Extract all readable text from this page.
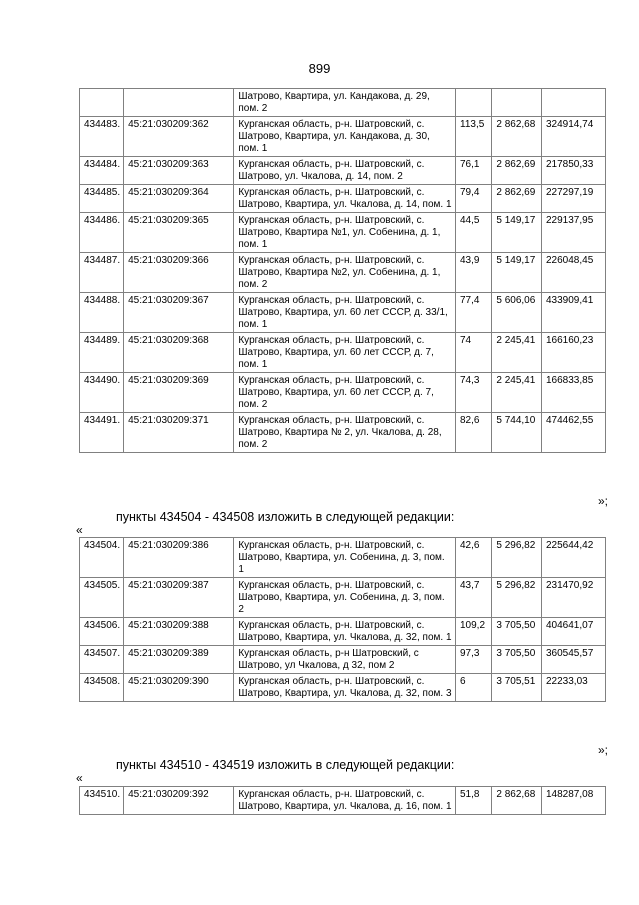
899
		Шатрово, Квартира, ул. Кандакова, д. 29, пом. 2			
434483.	45:21:030209:362	Курганская область, р-н. Шатровский, с. Шатрово, Квартира, ул. Кандакова, д. 30, пом. 1	113,5	2 862,68	324914,74
434484.	45:21:030209:363	Курганская область, р-н. Шатровский, с. Шатрово, ул. Чкалова, д. 14, пом. 2	76,1	2 862,69	217850,33
434485.	45:21:030209:364	Курганская область, р-н. Шатровский, с. Шатрово, Квартира, ул. Чкалова, д. 14, пом. 1	79,4	2 862,69	227297,19
434486.	45:21:030209:365	Курганская область, р-н. Шатровский, с. Шатрово, Квартира №1, ул. Собенина, д. 1, пом. 1	44,5	5 149,17	229137,95
434487.	45:21:030209:366	Курганская область, р-н. Шатровский, с. Шатрово, Квартира №2, ул. Собенина, д. 1, пом. 2	43,9	5 149,17	226048,45
434488.	45:21:030209:367	Курганская область, р-н. Шатровский, с. Шатрово, Квартира, ул. 60 лет СССР, д. 33/1, пом. 1	77,4	5 606,06	433909,41
434489.	45:21:030209:368	Курганская область, р-н. Шатровский, с. Шатрово, Квартира, ул. 60 лет СССР, д. 7, пом. 1	74	2 245,41	166160,23
434490.	45:21:030209:369	Курганская область, р-н. Шатровский, с. Шатрово, Квартира, ул. 60 лет СССР, д. 7, пом. 2	74,3	2 245,41	166833,85
434491.	45:21:030209:371	Курганская область, р-н. Шатровский, с. Шатрово, Квартира № 2, ул. Чкалова, д. 28, пом. 2	82,6	5 744,10	474462,55
»;
пункты 434504 - 434508 изложить в следующей редакции:
«
434504.	45:21:030209:386	Курганская область, р-н. Шатровский, с. Шатрово, Квартира, ул. Собенина, д. 3, пом. 1	42,6	5 296,82	225644,42
434505.	45:21:030209:387	Курганская область, р-н. Шатровский, с. Шатрово, Квартира, ул. Собенина, д. 3, пом. 2	43,7	5 296,82	231470,92
434506.	45:21:030209:388	Курганская область, р-н. Шатровский, с. Шатрово, Квартира, ул. Чкалова, д. 32, пом. 1	109,2	3 705,50	404641,07
434507.	45:21:030209:389	Курганская область, р-н Шатровский, с Шатрово, ул Чкалова, д 32, пом 2	97,3	3 705,50	360545,57
434508.	45:21:030209:390	Курганская область, р-н. Шатровский, с. Шатрово, Квартира, ул. Чкалова, д. 32, пом. 3	6	3 705,51	22233,03
»;
пункты 434510 - 434519 изложить в следующей редакции:
«
434510.	45:21:030209:392	Курганская область, р-н. Шатровский, с. Шатрово, Квартира, ул. Чкалова, д. 16, пом. 1	51,8	2 862,68	148287,08
